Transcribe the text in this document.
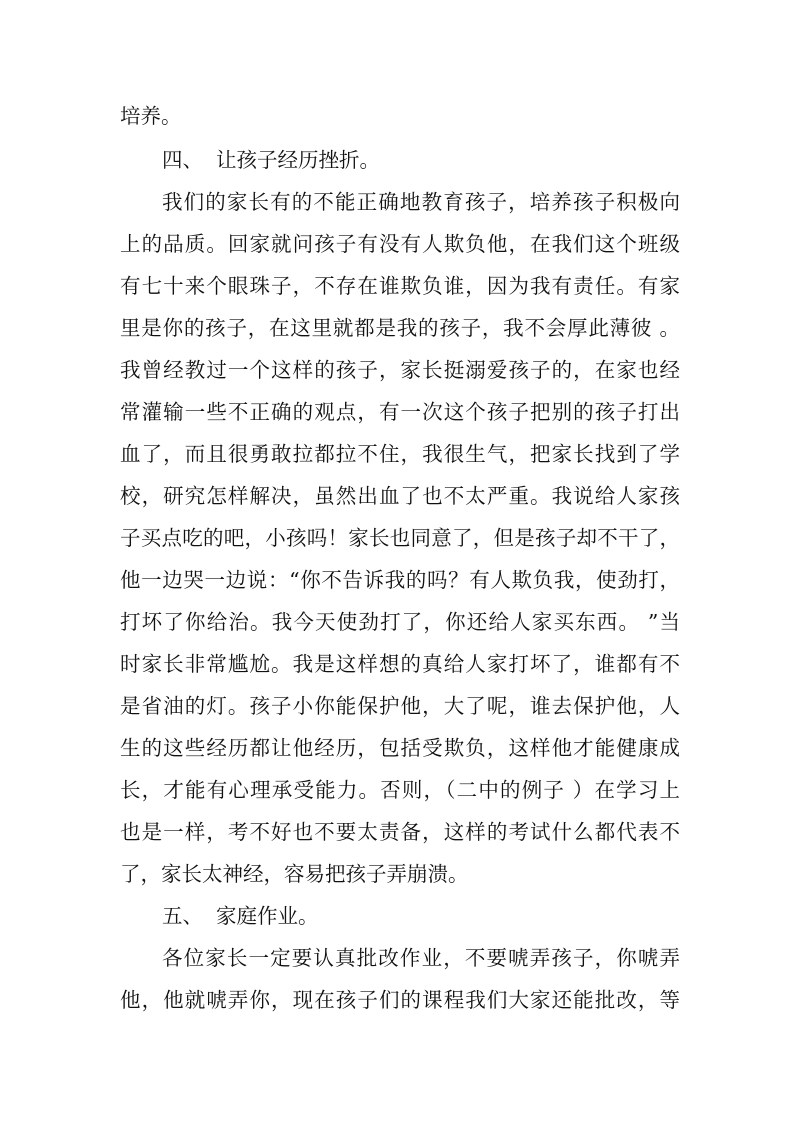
培养。
四、 让孩子经历挫折。
我们的家长有的不能正确地教育孩子，培养孩子积极向
上的品质。回家就问孩子有没有人欺负他，在我们这个班级
有七十来个眼珠子，不存在谁欺负谁，因为我有责任。有家
里是你的孩子，在这里就都是我的孩子，我不会厚此薄彼 。
我曾经教过一个这样的孩子，家长挺溺爱孩子的，在家也经
常灌输一些不正确的观点，有一次这个孩子把别的孩子打出
血了，而且很勇敢拉都拉不住，我很生气，把家长找到了学
校，研究怎样解决，虽然出血了也不太严重。我说给人家孩
子买点吃的吧，小孩吗！家长也同意了，但是孩子却不干了，
他一边哭一边说：“你不告诉我的吗？有人欺负我，使劲打，
打坏了你给治。我今天使劲打了，你还给人家买东西。 ”当
时家长非常尴尬。我是这样想的真给人家打坏了，谁都有不
是省油的灯。孩子小你能保护他，大了呢，谁去保护他，人
生的这些经历都让他经历，包括受欺负，这样他才能健康成
长，才能有心理承受能力。否则，（二中的例子 ）在学习上
也是一样，考不好也不要太责备，这样的考试什么都代表不
了，家长太神经，容易把孩子弄崩溃。
五、 家庭作业。
各位家长一定要认真批改作业，不要唬弄孩子，你唬弄
他，他就唬弄你，现在孩子们的课程我们大家还能批改，等
